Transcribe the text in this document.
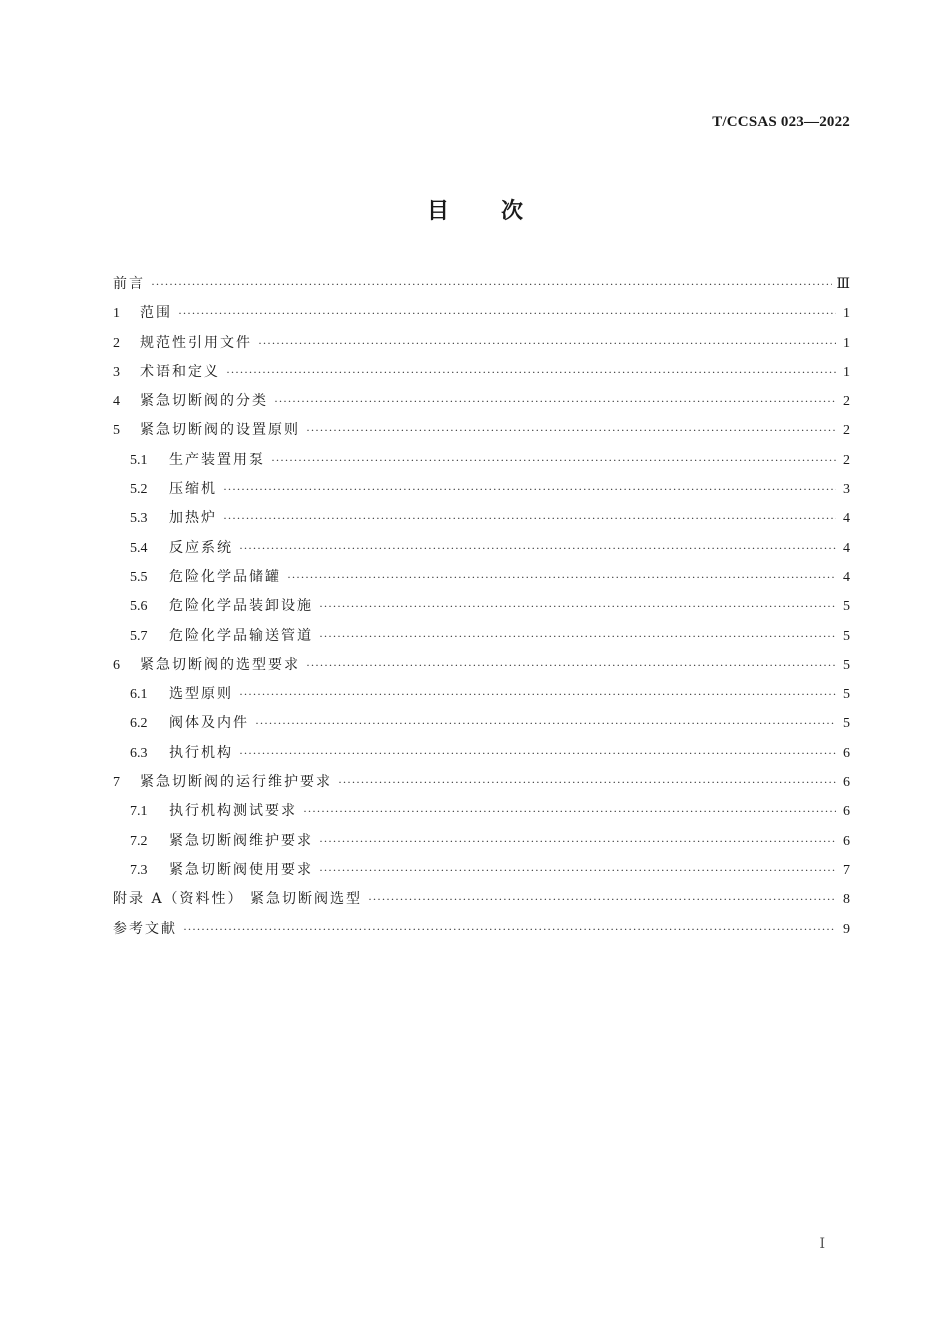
T/CCSAS 023—2022
目次
前言 ·····	Ⅲ
1	范围 ·····	1
2	规范性引用文件 ·····	1
3	术语和定义 ·····	1
4	紧急切断阀的分类 ·····	2
5	紧急切断阀的设置原则 ·····	2
5.1	生产装置用泵 ·····	2
5.2	压缩机 ·····	3
5.3	加热炉 ·····	4
5.4	反应系统 ·····	4
5.5	危险化学品储罐 ·····	4
5.6	危险化学品装卸设施 ·····	5
5.7	危险化学品输送管道 ·····	5
6	紧急切断阀的选型要求 ·····	5
6.1	选型原则 ·····	5
6.2	阀体及内件 ·····	5
6.3	执行机构 ·····	6
7	紧急切断阀的运行维护要求 ·····	6
7.1	执行机构测试要求 ·····	6
7.2	紧急切断阀维护要求 ·····	6
7.3	紧急切断阀使用要求 ·····	7
附录 A（资料性） 紧急切断阀选型 ·····	8
参考文献 ·····	9
Ⅰ
